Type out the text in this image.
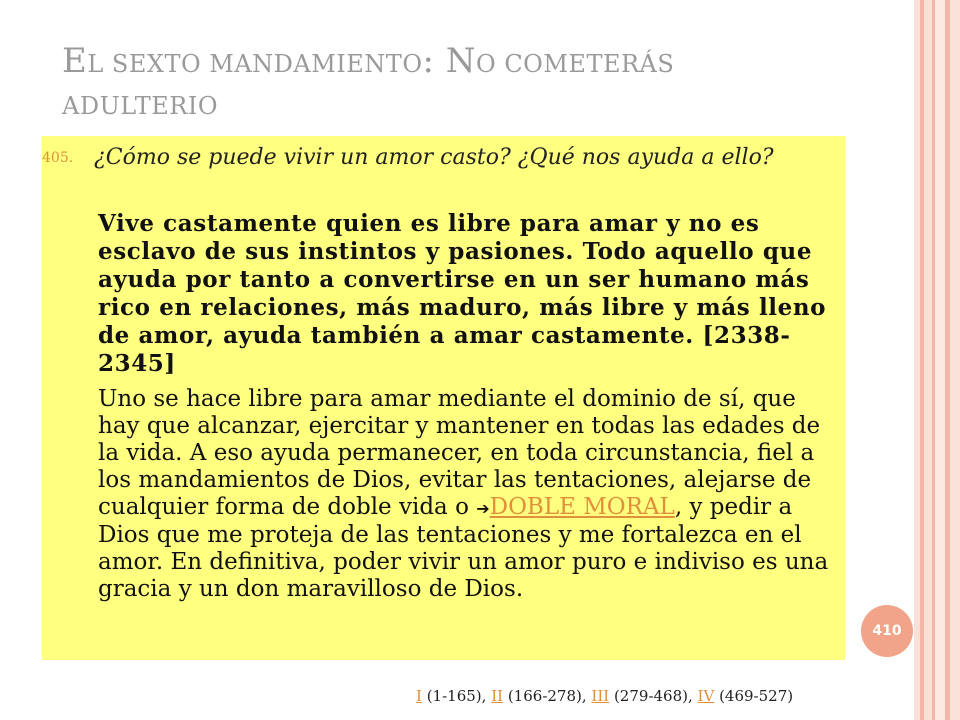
EL SEXTO MANDAMIENTO: NO COMETERÁS
ADULTERIO
405. ¿Cómo se puede vivir un amor casto? ¿Qué nos ayuda a ello?
Vive castamente quien es libre para amar y no es esclavo de sus instintos y pasiones. Todo aquello que ayuda por tanto a convertirse en un ser humano más rico en relaciones, más maduro, más libre y más lleno de amor, ayuda también a amar castamente. [2338-2345]
Uno se hace libre para amar mediante el dominio de sí, que hay que alcanzar, ejercitar y mantener en todas las edades de la vida. A eso ayuda permanecer, en toda circunstancia, fiel a los mandamientos de Dios, evitar las tentaciones, alejarse de cualquier forma de doble vida o ➔DOBLE MORAL, y pedir a Dios que me proteja de las tentaciones y me fortalezca en el amor. En definitiva, poder vivir un amor puro e indiviso es una gracia y un don maravilloso de Dios.
410
I (1-165), II (166-278), III (279-468), IV (469-527)
